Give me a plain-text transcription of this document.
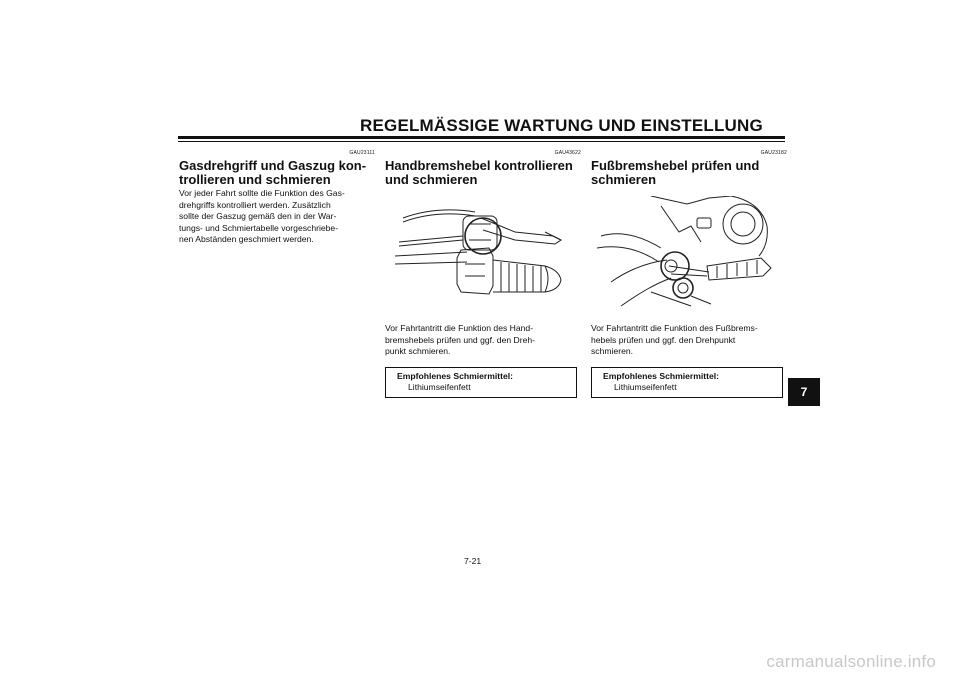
REGELMÄSSIGE WARTUNG UND EINSTELLUNG
GAU23111
Gasdrehgriff und Gaszug kon-
trollieren und schmieren
Vor jeder Fahrt sollte die Funktion des Gas-
drehgriffs kontrolliert werden. Zusätzlich
sollte der Gaszug gemäß den in der War-
tungs- und Schmiertabelle vorgeschriebe-
nen Abständen geschmiert werden.
GAU43622
Handbremshebel kontrollieren
und schmieren
Vor Fahrtantritt die Funktion des Hand-
bremshebels prüfen und ggf. den Dreh-
punkt schmieren.
Empfohlenes Schmiermittel:
Lithiumseifenfett
GAU23182
Fußbremshebel prüfen und
schmieren
Vor Fahrtantritt die Funktion des Fußbrems-
hebels prüfen und ggf. den Drehpunkt
schmieren.
Empfohlenes Schmiermittel:
Lithiumseifenfett	7
7-21
carmanualsonline.info
